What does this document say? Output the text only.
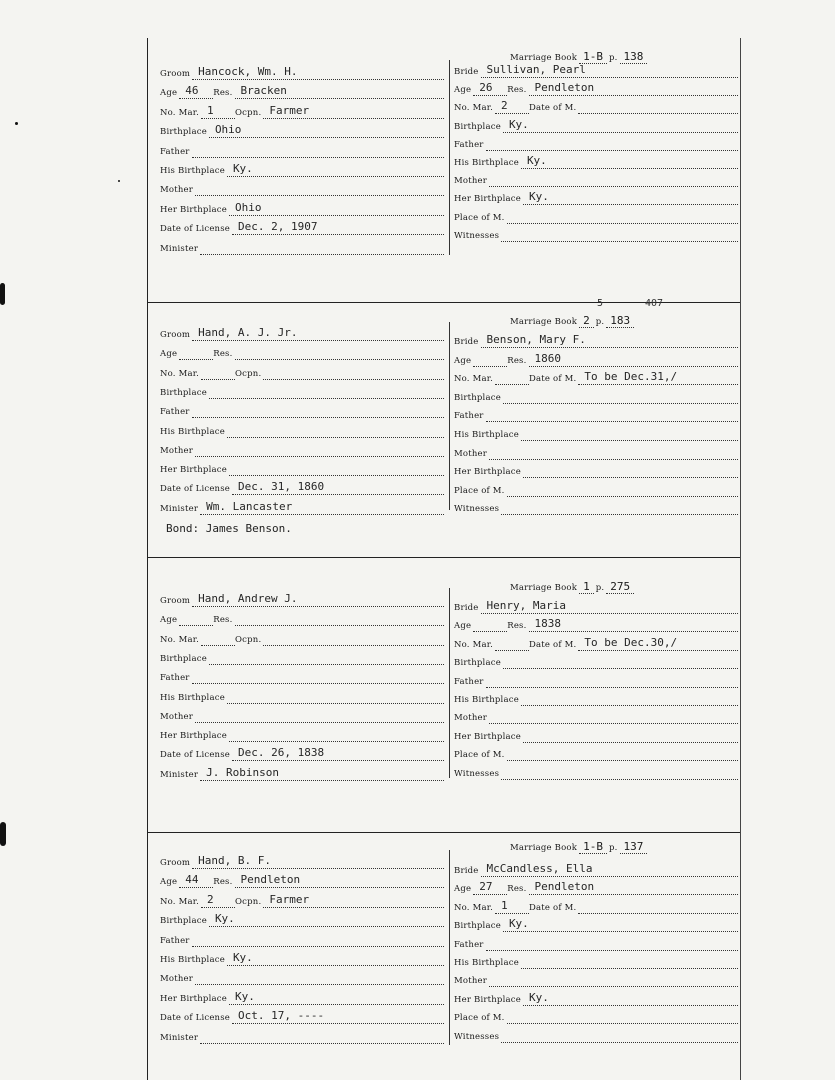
Groom Hancock, Wm. H.
Age 46 Res. Bracken
No. Mar. 1	Ocpn. Farmer
Birthplace Ohio
Father
His Birthplace Ky.
Mother
Her Birthplace Ohio
Date of License Dec. 2, 1907
Minister
Marriage Book 1-B p. 138
Bride Sullivan, Pearl
Age 26 Res. Pendleton
No. Mar. 2	Date of M.
Birthplace Ky.
Father
His Birthplace Ky.
Mother
Her Birthplace Ky.
Place of M.
Witnesses
Groom Hand, A. J. Jr.
Age	Res.
No. Mar.	Ocpn.
Birthplace
Father
His Birthplace
Mother
Her Birthplace
Date of License Dec. 31, 1860
Minister Wm. Lancaster
Marriage Book 2 p. 183
5	407
Bride Benson, Mary F.
Age	Res. 1860
No. Mar.	Date of M. To be Dec.31,/
Birthplace
Father
His Birthplace
Mother
Her Birthplace
Place of M.
Witnesses
Bond: James Benson.
Groom Hand, Andrew J.
Age	Res.
No. Mar.	Ocpn.
Birthplace
Father
His Birthplace
Mother
Her Birthplace
Date of License Dec. 26, 1838
Minister J. Robinson
Marriage Book 1 p. 275
Bride Henry, Maria
Age	Res. 1838
No. Mar.	Date of M. To be Dec.30,/
Birthplace
Father
His Birthplace
Mother
Her Birthplace
Place of M.
Witnesses
Groom Hand, B. F.
Age 44 Res. Pendleton
No. Mar. 2	Ocpn. Farmer
Birthplace Ky.
Father
His Birthplace Ky.
Mother
Her Birthplace Ky.
Date of License Oct. 17, ----
Minister
Marriage Book 1-B p. 137
Bride McCandless, Ella
Age 27 Res. Pendleton
No. Mar. 1	Date of M.
Birthplace Ky.
Father
His Birthplace
Mother
Her Birthplace Ky.
Place of M.
Witnesses
